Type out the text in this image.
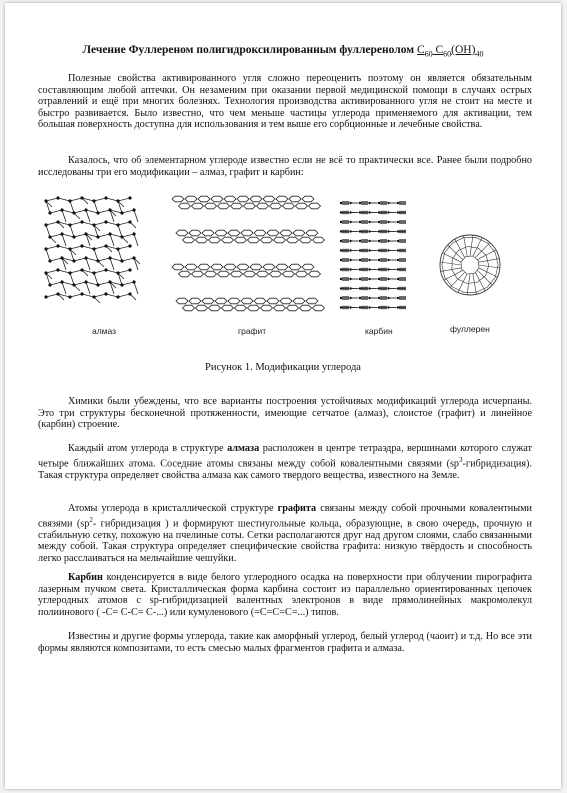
Лечение Фуллереном полигидроксилированным фуллеренолом $C_{60}$ $C_{60}(OH)_{40}$

Полезные свойства активированного угля сложно переоценить поэтому он является обязательным составляющим любой аптечки. Он незаменим при оказании первой медицинской помощи в случаях острых отравлений и ещё при многих болезнях. Технология производства активированного угля не стоит на месте и быстро развивается. Было известно, что чем меньше частицы углерода применяемого для активации, тем большая поверхность доступна для использования и тем выше его сорбционные и лечебные свойства.

Казалось, что об элементарном углероде известно если не всё то практически все. Ранее были подробно исследованы три его модификации – алмаз, графит и карбин:

алмаз	графит	карбин	фуллерен
Рисунок 1. Модификации углерода

Химики были убеждены, что все варианты построения устойчивых модификаций углерода исчерпаны. Это три структуры бесконечной протяженности, имеющие сетчатое (алмаз), слоистое (графит) и линейное (карбин) строение.

Каждый атом углерода в структуре алмаза расположен в центре тетраэдра, вершинами которого служат четыре ближайших атома. Соседние атомы связаны между собой ковалентными связями $(sp^3-гибридизация)$. Такая структура определяет свойства алмаза как самого твердого вещества, известного на Земле.

Атомы углерода в кристаллической структуре графита связаны между собой прочными ковалентными связями ($sp^2-$ гибридизация ) и формируют шестиугольные кольца, образующие, в свою очередь, прочную и стабильную сетку, похожую на пчелиные соты. Сетки располагаются друг над другом слоями, слабо связанными между собой. Такая структура определяет специфические свойства графита: низкую твёрдость и способность легко расслаиваться на мельчайшие чешуйки.

Карбин конденсируется в виде белого углеродного осадка на поверхности при облучении пирографита лазерным пучком света. Кристаллическая форма карбина состоит из параллельно ориентированных цепочек углеродных атомов с sp-гибридизацией валентных электронов в виде прямолинейных макромолекул полиинового ( -C= C-C= C-...) или кумуленового (=C=C=C=...) типов.

Известны и другие формы углерода, такие как аморфный углерод, белый углерод (чаоит) и т.д. Но все эти формы являются композитами, то есть смесью малых фрагментов графита и алмаза.
